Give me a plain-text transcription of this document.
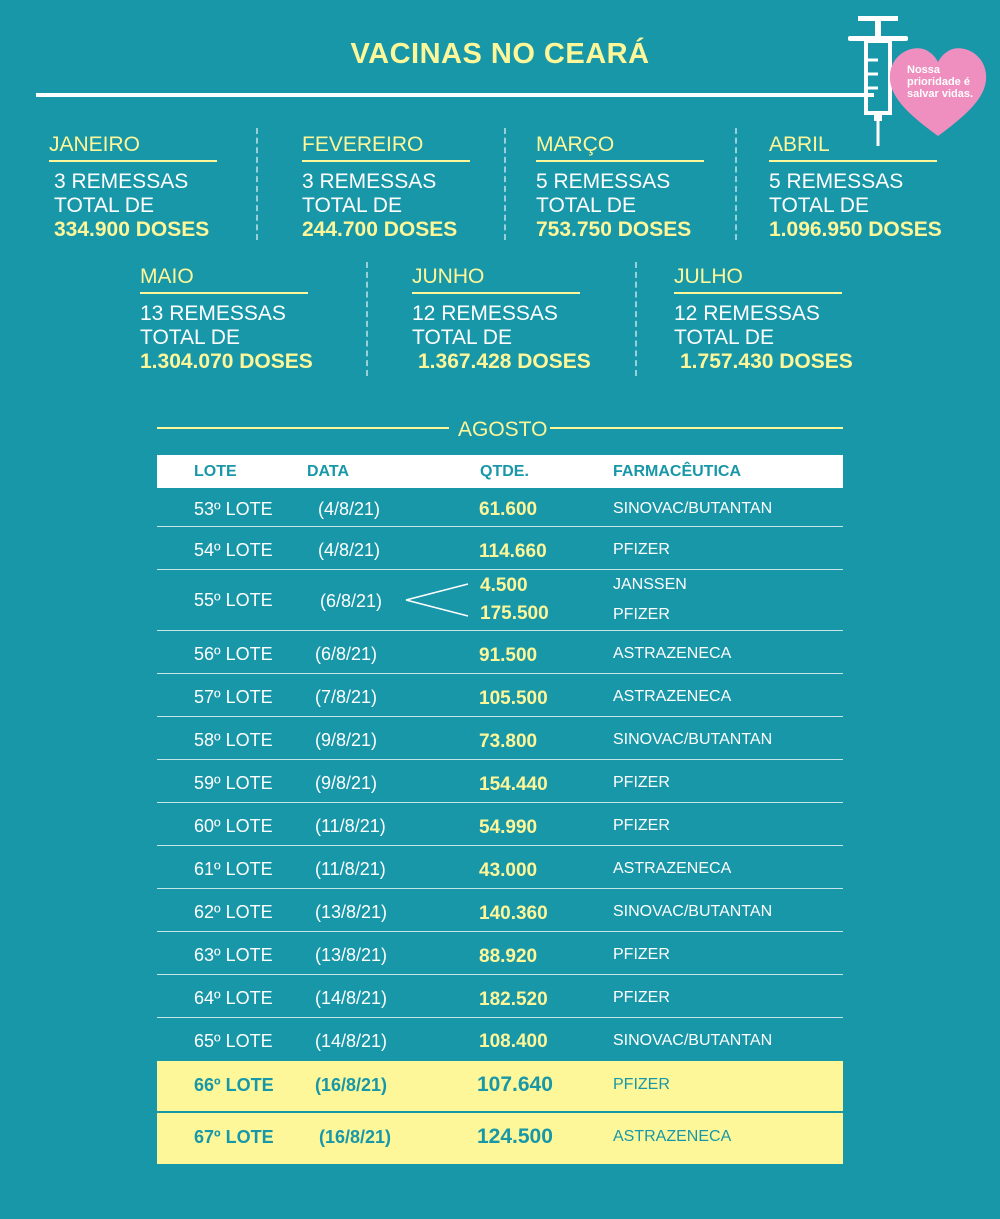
VACINAS NO CEARÁ	Nossa prioridade é salvar vidas.
JANEIRO
3 REMESSAS
TOTAL DE
334.900 DOSES
FEVEREIRO
3 REMESSAS
TOTAL DE
244.700 DOSES
MARÇO
5 REMESSAS
TOTAL DE
753.750 DOSES
ABRIL
5 REMESSAS
TOTAL DE
1.096.950 DOSES
MAIO
13 REMESSAS
TOTAL DE
1.304.070 DOSES
JUNHO
12 REMESSAS
TOTAL DE
1.367.428 DOSES
JULHO
12 REMESSAS
TOTAL DE
1.757.430 DOSES
AGOSTO
LOTE	DATA	QTDE.	FARMACÊUTICA
53º LOTE	(4/8/21)	61.600	SINOVAC/BUTANTAN
54º LOTE	(4/8/21)	114.660	PFIZER
55º LOTE	(6/8/21)
4.500	JANSSEN
175.500	PFIZER
56º LOTE (6/8/21)	91.500	ASTRAZENECA
57º LOTE (7/8/21)	105.500	ASTRAZENECA
58º LOTE (9/8/21)	73.800	SINOVAC/BUTANTAN
59º LOTE (9/8/21)	154.440	PFIZER
60º LOTE (11/8/21)	54.990	PFIZER
61º LOTE (11/8/21)	43.000	ASTRAZENECA
62º LOTE (13/8/21)	140.360	SINOVAC/BUTANTAN
63º LOTE (13/8/21)	88.920	PFIZER
64º LOTE (14/8/21)	182.520	PFIZER
65º LOTE (14/8/21)	108.400	SINOVAC/BUTANTAN
66º LOTE (16/8/21)	107.640	PFIZER
67º LOTE	(16/8/21)	124.500	ASTRAZENECA
